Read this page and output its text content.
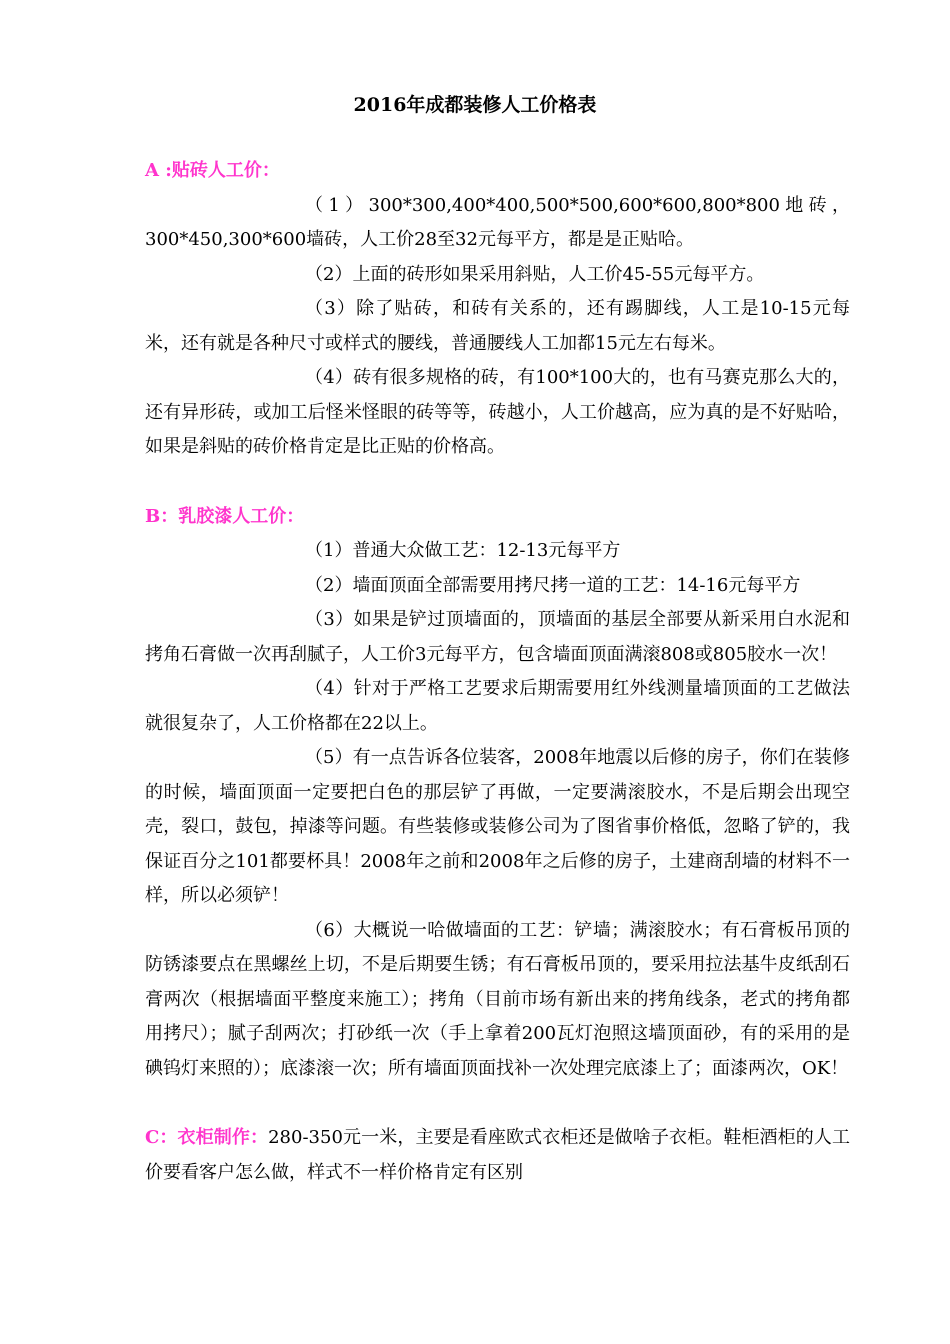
2016年成都装修人工价格表
A :贴砖人工价：

（1）300*300,400*400,500*500,600*600,800*800地砖，300*450,300*600墙砖，人工价28至32元每平方，都是是正贴哈。

（2）上面的砖形如果采用斜贴，人工价45-55元每平方。

（3）除了贴砖，和砖有关系的，还有踢脚线，人工是10-15元每米，还有就是各种尺寸或样式的腰线，普通腰线人工加都15元左右每米。

（4）砖有很多规格的砖，有100*100大的，也有马赛克那么大的，还有异形砖，或加工后怪米怪眼的砖等等，砖越小，人工价越高，应为真的是不好贴哈，如果是斜贴的砖价格肯定是比正贴的价格高。

B：乳胶漆人工价：

（1）普通大众做工艺：12-13元每平方

（2）墙面顶面全部需要用拷尺拷一道的工艺：14-16元每平方

（3）如果是铲过顶墙面的，顶墙面的基层全部要从新采用白水泥和拷角石膏做一次再刮腻子，人工价3元每平方，包含墙面顶面满滚808或805胶水一次！

（4）针对于严格工艺要求后期需要用红外线测量墙顶面的工艺做法就很复杂了，人工价格都在22以上。

（5）有一点告诉各位装客，2008年地震以后修的房子，你们在装修的时候，墙面顶面一定要把白色的那层铲了再做，一定要满滚胶水，不是后期会出现空壳，裂口，鼓包，掉漆等问题。有些装修或装修公司为了图省事价格低，忽略了铲的，我保证百分之101都要杯具！2008年之前和2008年之后修的房子，土建商刮墙的材料不一样，所以必须铲！

（6）大概说一哈做墙面的工艺：铲墙；满滚胶水；有石膏板吊顶的防锈漆要点在黑螺丝上切，不是后期要生锈；有石膏板吊顶的，要采用拉法基牛皮纸刮石膏两次（根据墙面平整度来施工）；拷角（目前市场有新出来的拷角线条，老式的拷角都用拷尺）；腻子刮两次；打砂纸一次（手上拿着200瓦灯泡照这墙顶面砂，有的采用的是碘钨灯来照的）；底漆滚一次；所有墙面顶面找补一次处理完底漆上了；面漆两次，OK！

C：衣柜制作：280-350元一米，主要是看座欧式衣柜还是做啥子衣柜。鞋柜酒柜的人工价要看客户怎么做，样式不一样价格肯定有区别
